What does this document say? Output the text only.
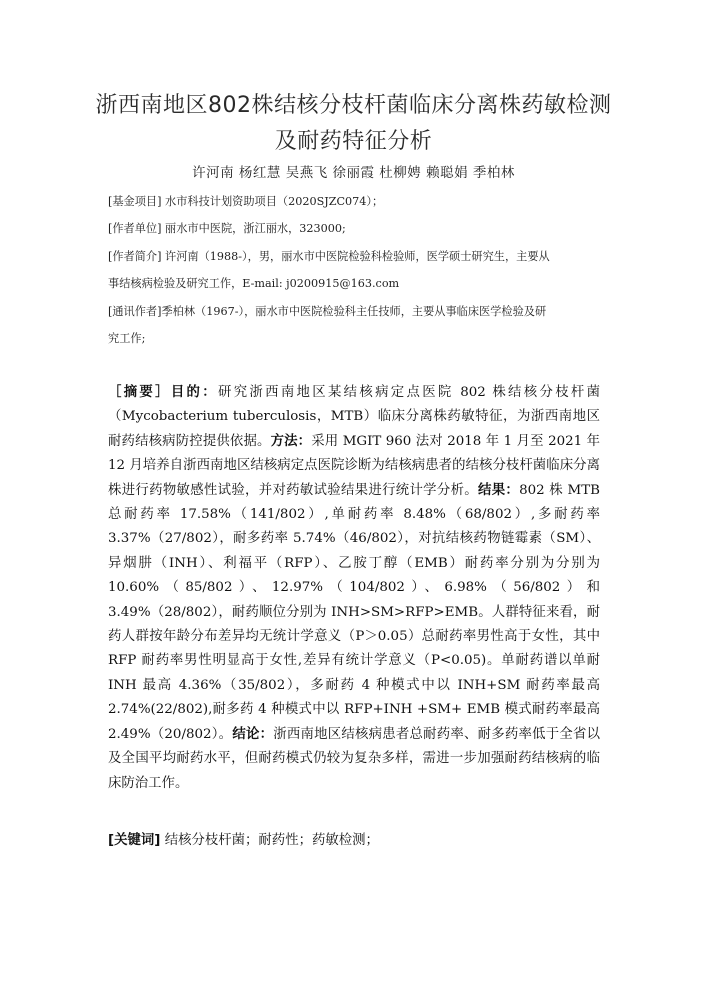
浙西南地区802株结核分枝杆菌临床分离株药敏检测
及耐药特征分析
许河南 杨红慧 吴燕飞 徐丽霞 杜柳娉 赖聪娟 季柏林
[基金项目] 水市科技计划资助项目（2020SJZC074）；
[作者单位] 丽水市中医院，浙江丽水，323000;
[作者简介] 许河南（1988-），男，丽水市中医院检验科检验师，医学硕士研究生，主要从
事结核病检验及研究工作，E-mail: j0200915@163.com
[通讯作者]季柏林（1967-），丽水市中医院检验科主任技师，主要从事临床医学检验及研
究工作;
［摘要］目的：研究浙西南地区某结核病定点医院 802 株结核分枝杆菌（Mycobacterium tuberculosis，MTB）临床分离株药敏特征，为浙西南地区耐药结核病防控提供依据。方法：采用 MGIT 960 法对 2018 年 1 月至 2021 年 12 月培养自浙西南地区结核病定点医院诊断为结核病患者的结核分枝杆菌临床分离株进行药物敏感性试验，并对药敏试验结果进行统计学分析。结果：802 株 MTB 总耐药率 17.58%（141/802）,单耐药率 8.48%（68/802）,多耐药率 3.37%（27/802），耐多药率 5.74%（46/802），对抗结核药物链霉素（SM）、异烟肼（INH）、利福平（RFP）、乙胺丁醇（EMB）耐药率分别为分别为 10.60%（85/802）、12.97%（104/802）、6.98%（56/802）和 3.49%（28/802），耐药顺位分别为 INH>SM>RFP>EMB。人群特征来看，耐药人群按年龄分布差异均无统计学意义（P＞0.05）总耐药率男性高于女性，其中 RFP 耐药率男性明显高于女性,差异有统计学意义（P<0.05)。单耐药谱以单耐 INH 最高 4.36%（35/802），多耐药 4 种模式中以 INH+SM 耐药率最高 2.74%(22/802),耐多药 4 种模式中以 RFP+INH +SM+ EMB 模式耐药率最高 2.49%（20/802）。结论：浙西南地区结核病患者总耐药率、耐多药率低于全省以及全国平均耐药水平，但耐药模式仍较为复杂多样，需进一步加强耐药结核病的临床防治工作。
[关键词] 结核分枝杆菌；耐药性；药敏检测；
